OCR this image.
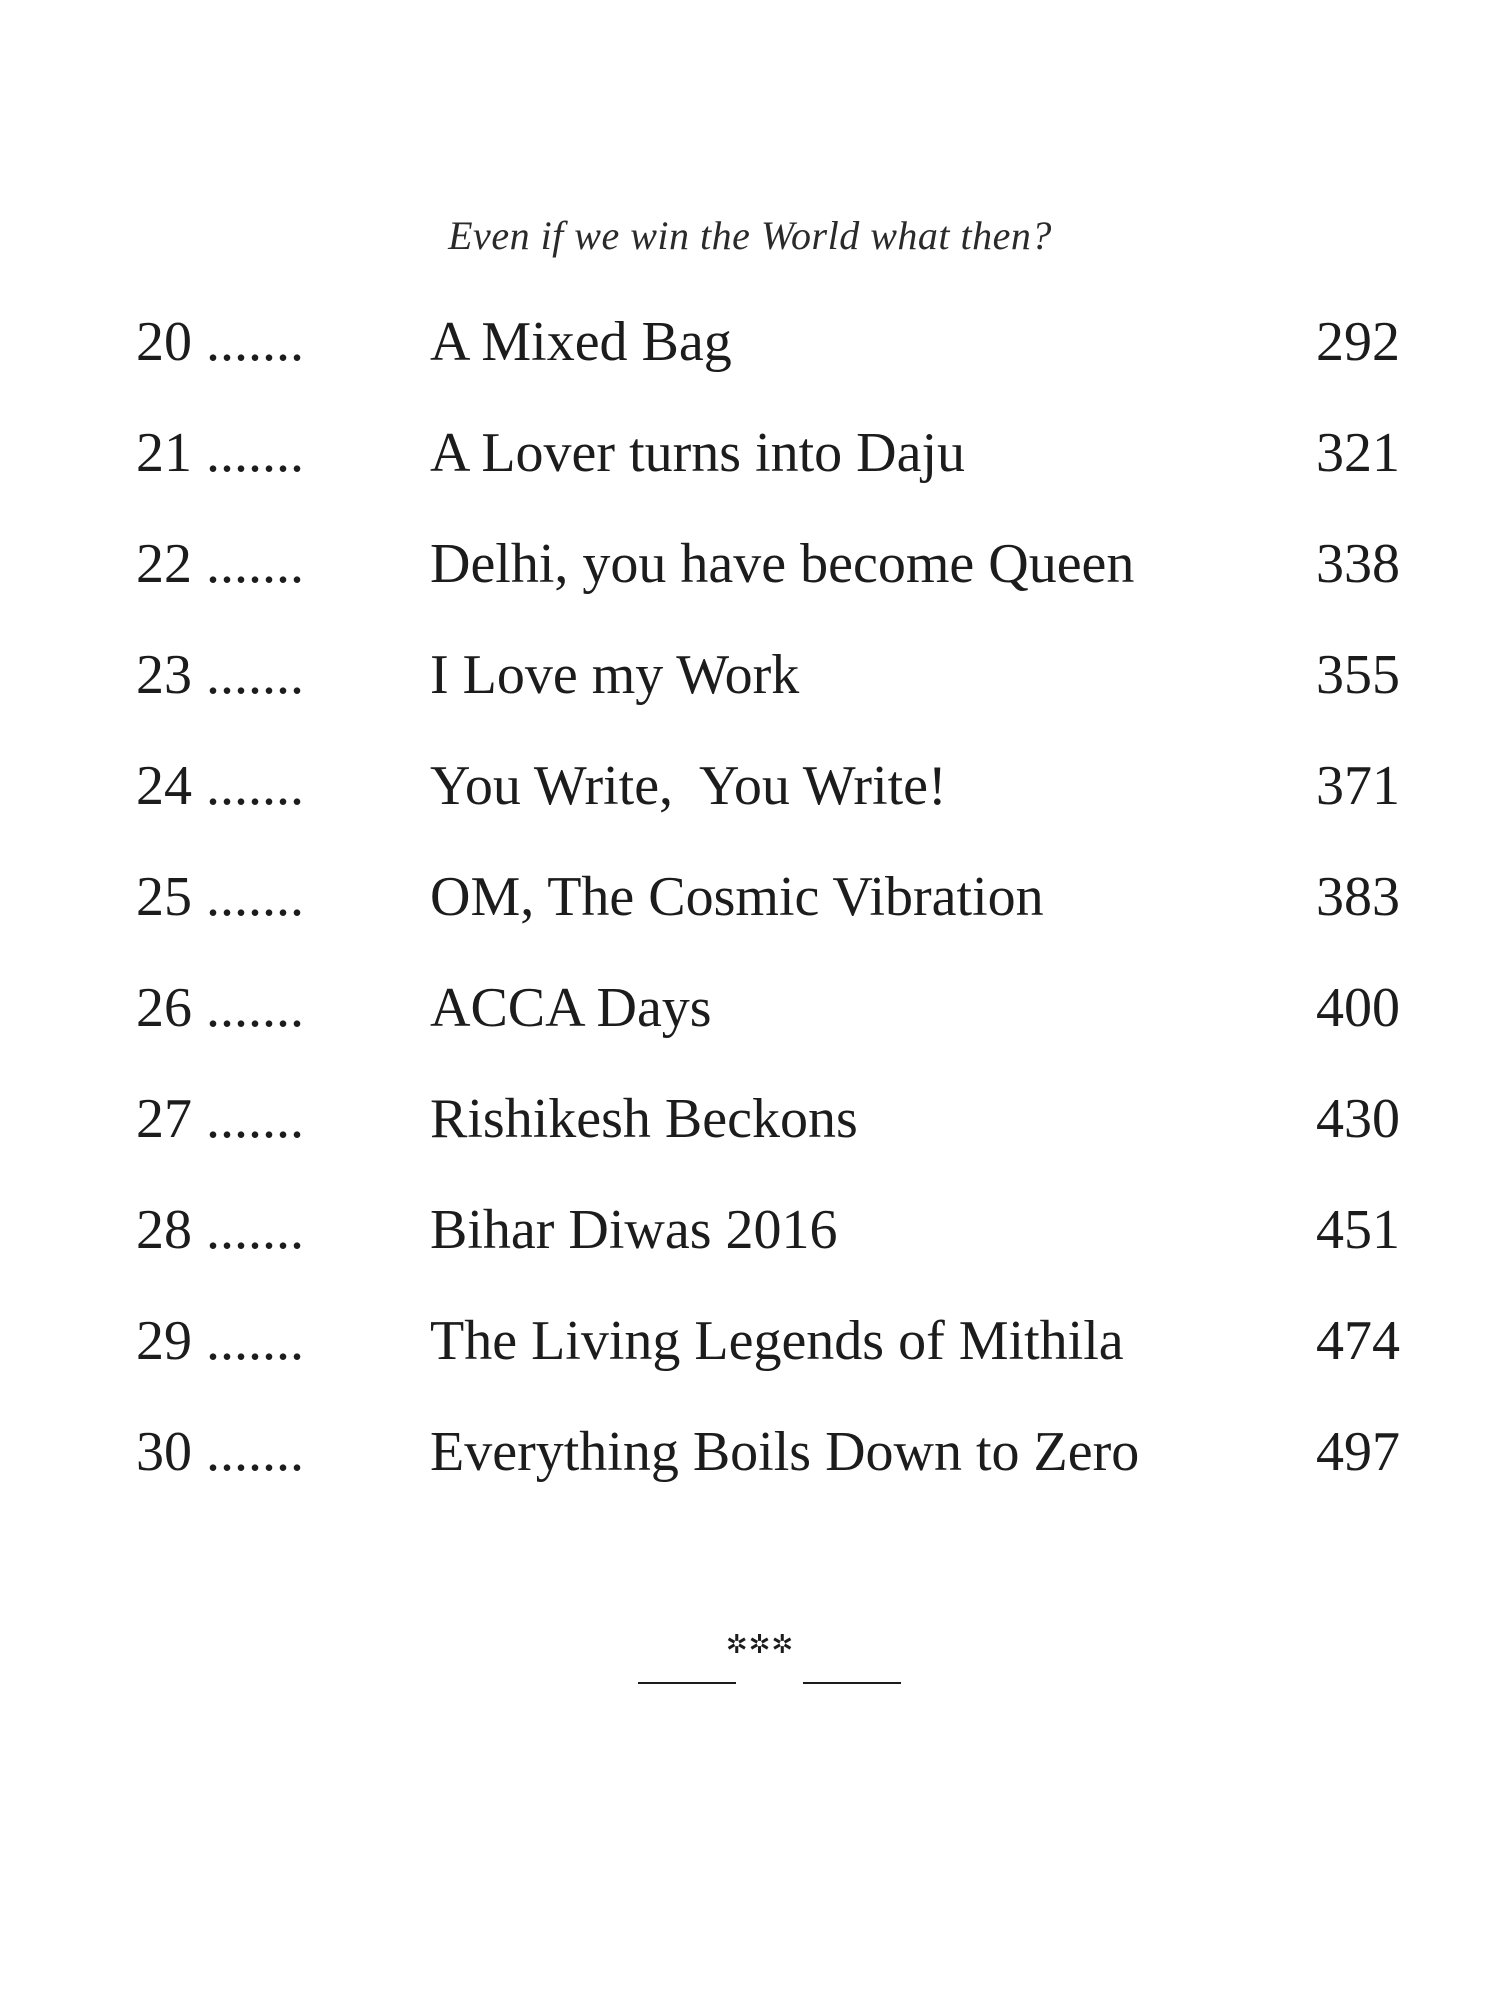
Even if we win the World what then?
20 ....... A Mixed Bag	292
21 ....... A Lover turns into Daju	321
22 ....... Delhi, you have become Queen	338
23 ....... I Love my Work	355
24 ....... You Write,  You Write!	371
25 ....... OM, The Cosmic Vibration	383
26 ....... ACCA Days	400
27 ....... Rishikesh Beckons	430
28 ....... Bihar Diwas 2016	451
29 ....... The Living Legends of Mithila	474
30 ....... Everything Boils Down to Zero	497
✲✲✲
